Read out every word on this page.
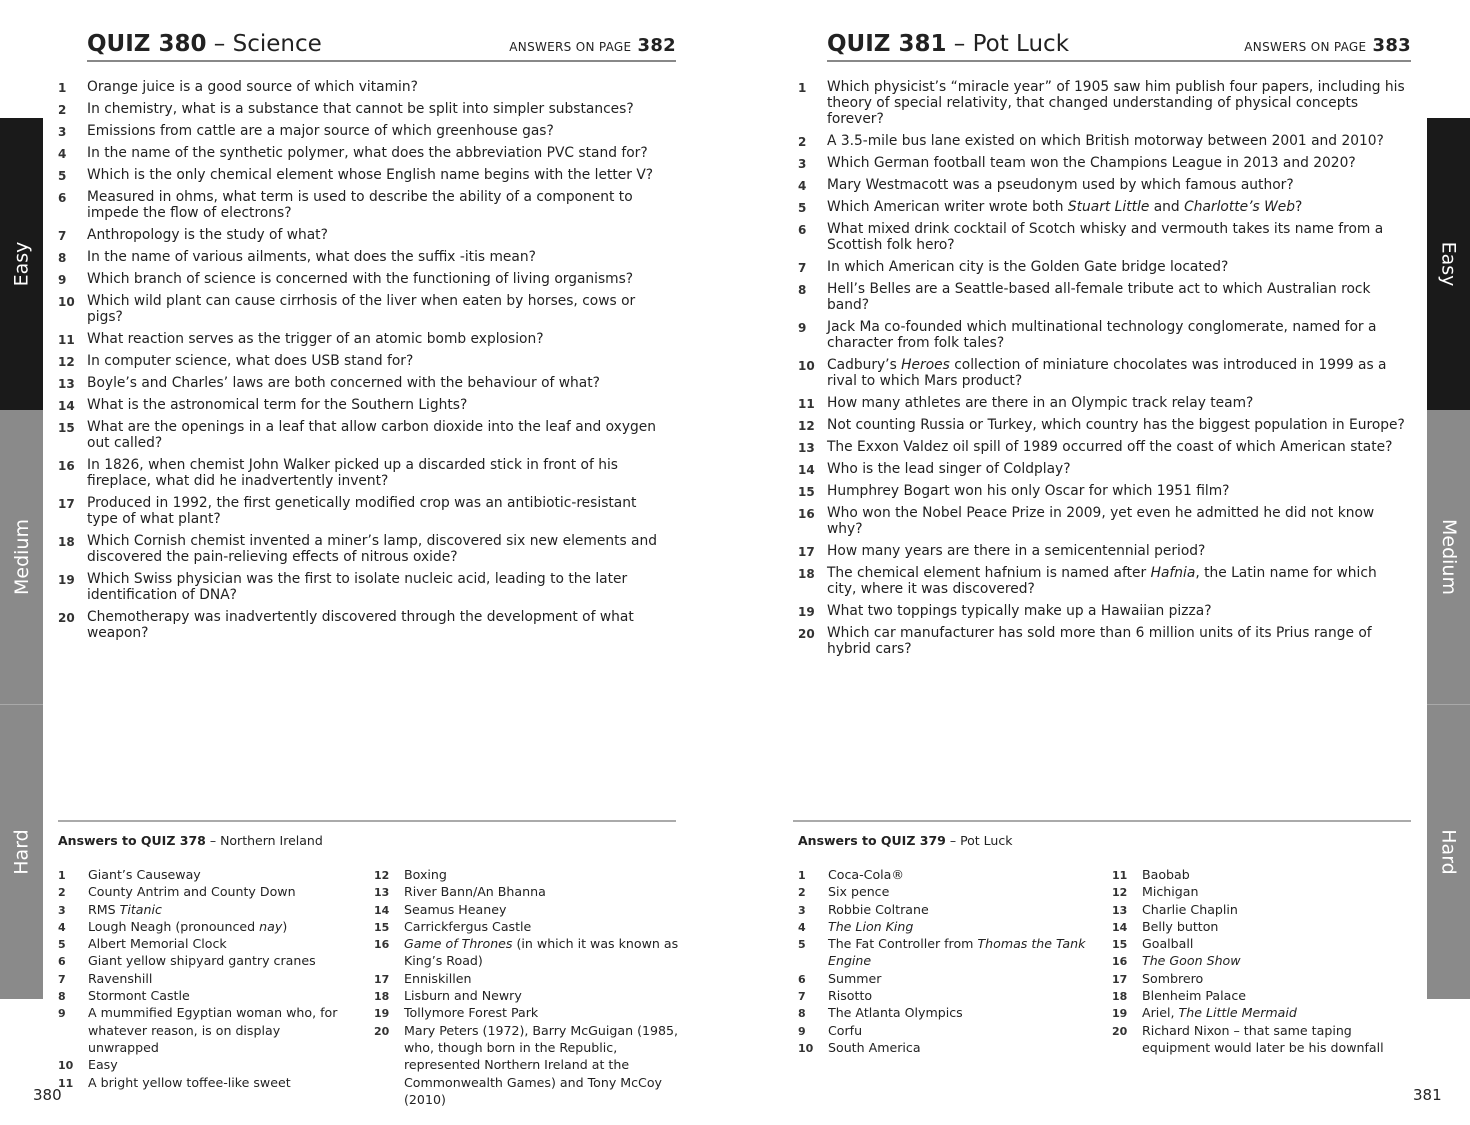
Easy
Medium
Hard
Easy
Medium
Hard
QUIZ 380 – Science	ANSWERS ON PAGE 382
1 Orange juice is a good source of which vitamin?
2 In chemistry, what is a substance that cannot be split into simpler substances?
3 Emissions from cattle are a major source of which greenhouse gas?
4 In the name of the synthetic polymer, what does the abbreviation PVC stand for?
5 Which is the only chemical element whose English name begins with the letter V?
6 Measured in ohms, what term is used to describe the ability of a component to impede the flow of electrons?
7 Anthropology is the study of what?
8 In the name of various ailments, what does the suffix -itis mean?
9 Which branch of science is concerned with the functioning of living organisms?
10 Which wild plant can cause cirrhosis of the liver when eaten by horses, cows or pigs?
11 What reaction serves as the trigger of an atomic bomb explosion?
12 In computer science, what does USB stand for?
13 Boyle’s and Charles’ laws are both concerned with the behaviour of what?
14 What is the astronomical term for the Southern Lights?
15 What are the openings in a leaf that allow carbon dioxide into the leaf and oxygen out called?
16 In 1826, when chemist John Walker picked up a discarded stick in front of his fireplace, what did he inadvertently invent?
17 Produced in 1992, the first genetically modified crop was an antibiotic-resistant type of what plant?
18 Which Cornish chemist invented a miner’s lamp, discovered six new elements and discovered the pain-relieving effects of nitrous oxide?
19 Which Swiss physician was the first to isolate nucleic acid, leading to the later identification of DNA?
20 Chemotherapy was inadvertently discovered through the development of what weapon?
Answers to QUIZ 378 – Northern Ireland
1 Giant’s Causeway
2 County Antrim and County Down
3 RMS Titanic
4 Lough Neagh (pronounced nay)
5 Albert Memorial Clock
6 Giant yellow shipyard gantry cranes
7 Ravenshill
8 Stormont Castle
9 A mummified Egyptian woman who, for whatever reason, is on display unwrapped
10 Easy
11 A bright yellow toffee-like sweet
12 Boxing
13 River Bann/An Bhanna
14 Seamus Heaney
15 Carrickfergus Castle
16 Game of Thrones (in which it was known as King’s Road)
17 Enniskillen
18 Lisburn and Newry
19 Tollymore Forest Park
20 Mary Peters (1972), Barry McGuigan (1985, who, though born in the Republic, represented Northern Ireland at the Commonwealth Games) and Tony McCoy (2010)
380
QUIZ 381 – Pot Luck	ANSWERS ON PAGE 383
1 Which physicist’s “miracle year” of 1905 saw him publish four papers, including his theory of special relativity, that changed understanding of physical concepts forever?
2 A 3.5-mile bus lane existed on which British motorway between 2001 and 2010?
3 Which German football team won the Champions League in 2013 and 2020?
4 Mary Westmacott was a pseudonym used by which famous author?
5 Which American writer wrote both Stuart Little and Charlotte’s Web?
6 What mixed drink cocktail of Scotch whisky and vermouth takes its name from a Scottish folk hero?
7 In which American city is the Golden Gate bridge located?
8 Hell’s Belles are a Seattle-based all-female tribute act to which Australian rock band?
9 Jack Ma co-founded which multinational technology conglomerate, named for a character from folk tales?
10 Cadbury’s Heroes collection of miniature chocolates was introduced in 1999 as a rival to which Mars product?
11 How many athletes are there in an Olympic track relay team?
12 Not counting Russia or Turkey, which country has the biggest population in Europe?
13 The Exxon Valdez oil spill of 1989 occurred off the coast of which American state?
14 Who is the lead singer of Coldplay?
15 Humphrey Bogart won his only Oscar for which 1951 film?
16 Who won the Nobel Peace Prize in 2009, yet even he admitted he did not know why?
17 How many years are there in a semicentennial period?
18 The chemical element hafnium is named after Hafnia, the Latin name for which city, where it was discovered?
19 What two toppings typically make up a Hawaiian pizza?
20 Which car manufacturer has sold more than 6 million units of its Prius range of hybrid cars?
Answers to QUIZ 379 – Pot Luck
1 Coca-Cola®
2 Six pence
3 Robbie Coltrane
4 The Lion King
5 The Fat Controller from Thomas the Tank Engine
6 Summer
7 Risotto
8 The Atlanta Olympics
9 Corfu
10 South America
11 Baobab
12 Michigan
13 Charlie Chaplin
14 Belly button
15 Goalball
16 The Goon Show
17 Sombrero
18 Blenheim Palace
19 Ariel, The Little Mermaid
20 Richard Nixon – that same taping equipment would later be his downfall
381
